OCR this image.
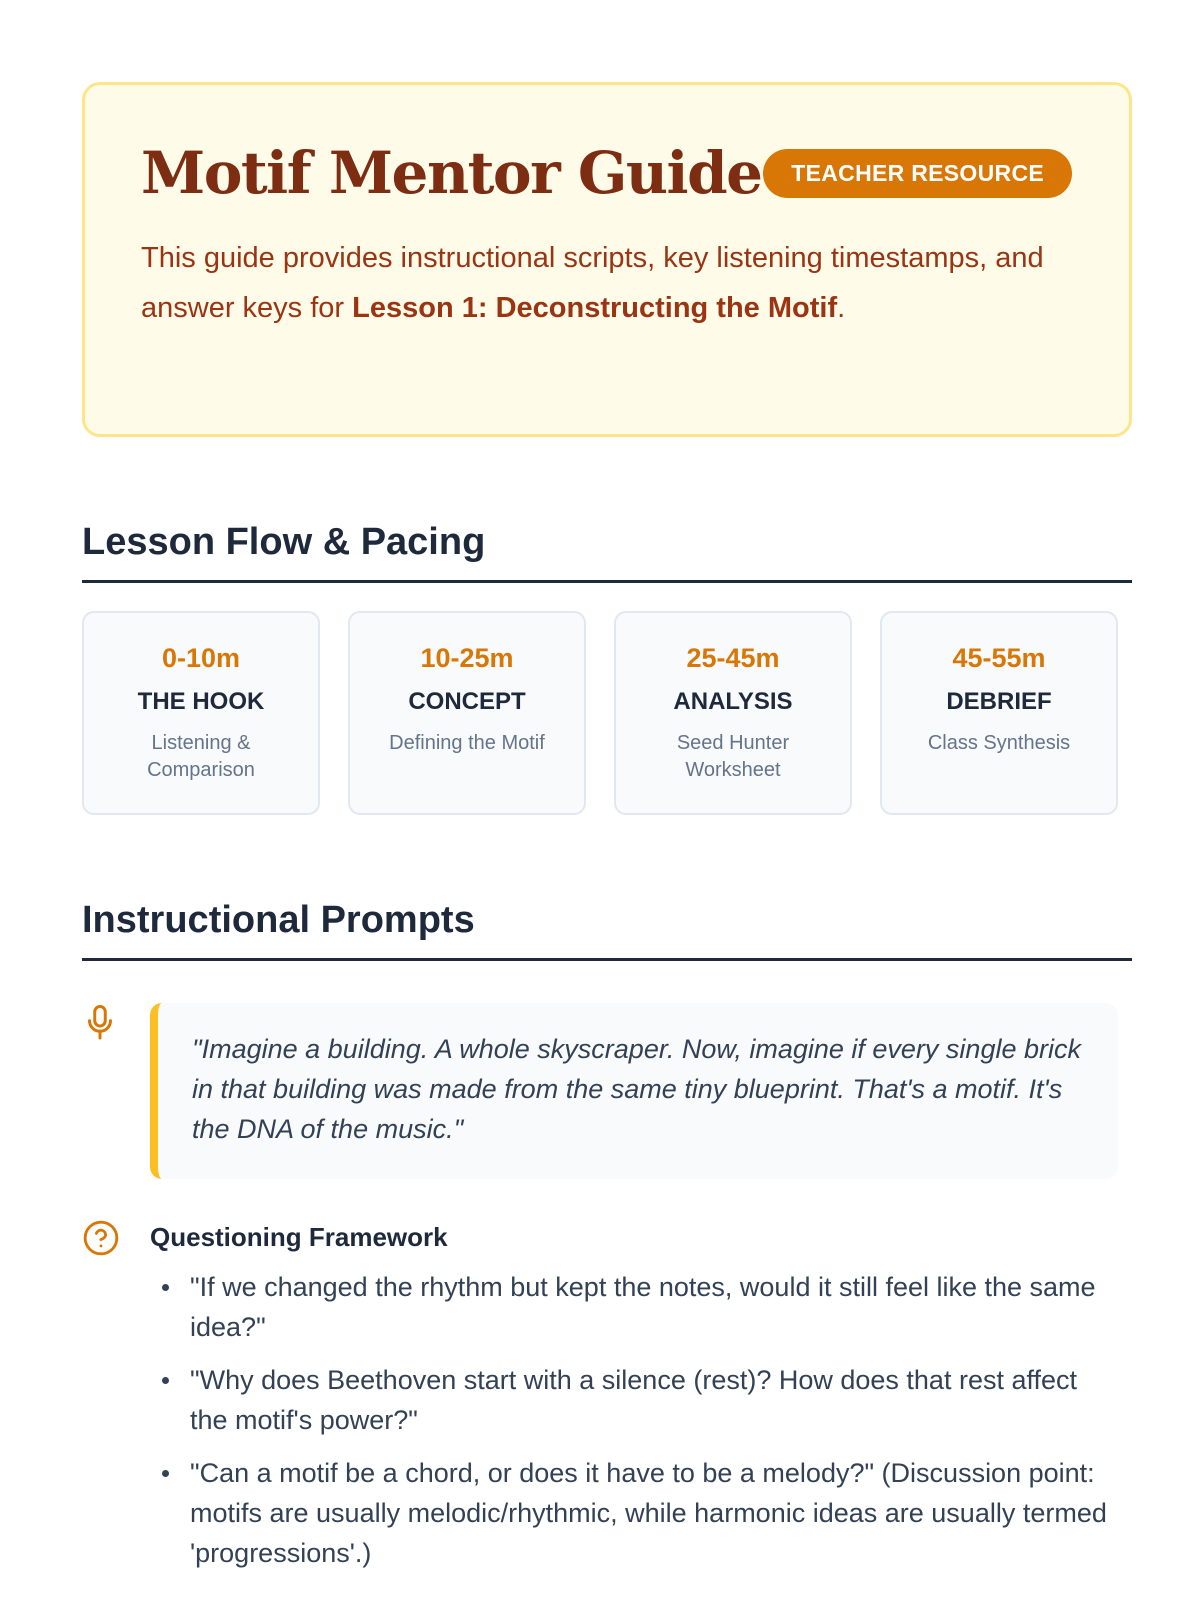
Motif Mentor Guide	TEACHER RESOURCE

This guide provides instructional scripts, key listening timestamps, and answer keys for Lesson 1: Deconstructing the Motif.

Lesson Flow & Pacing
0-10m
THE HOOK
Listening & Comparison
10-25m
CONCEPT
Defining the Motif
25-45m
ANALYSIS
Seed Hunter Worksheet
45-55m
DEBRIEF
Class Synthesis
Instructional Prompts
"Imagine a building. A whole skyscraper. Now, imagine if every single brick in that building was made from the same tiny blueprint. That's a motif. It's the DNA of the music."
Questioning Framework
"If we changed the rhythm but kept the notes, would it still feel like the same idea?"
"Why does Beethoven start with a silence (rest)? How does that rest affect the motif's power?"
"Can a motif be a chord, or does it have to be a melody?" (Discussion point: motifs are usually melodic/rhythmic, while harmonic ideas are usually termed 'progressions'.)
